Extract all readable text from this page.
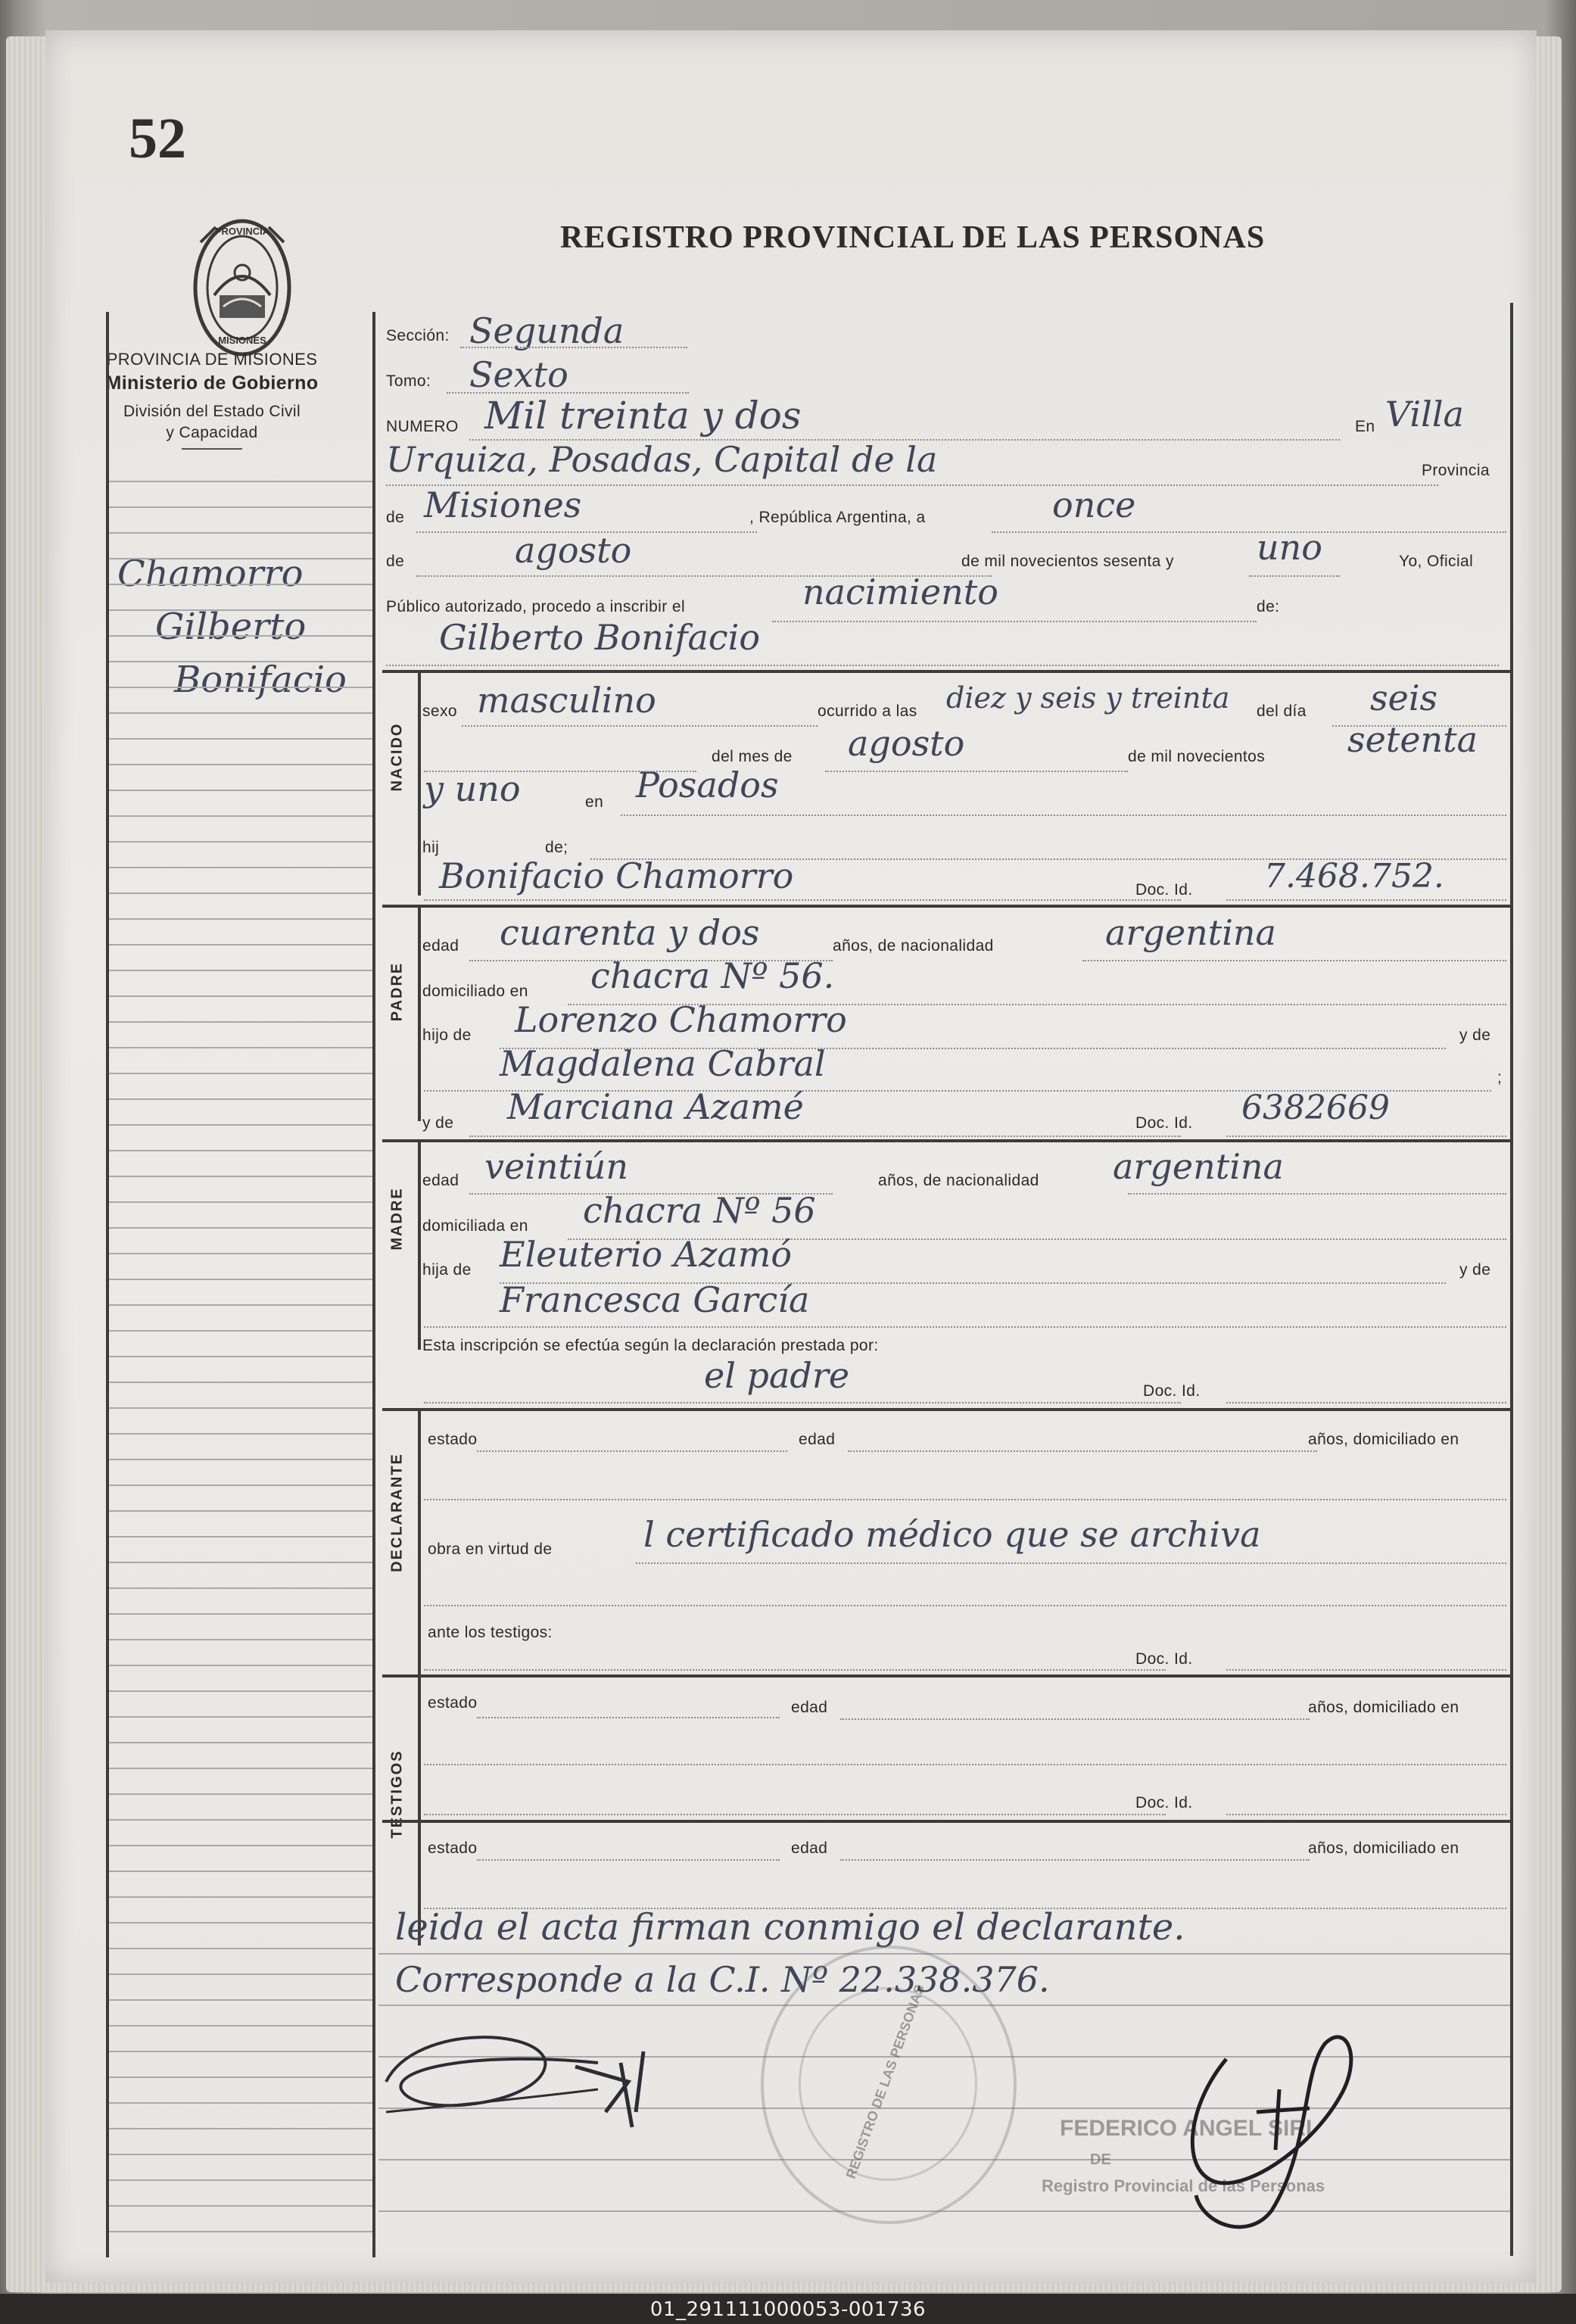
52
PROVINCIA
MISIONES
REGISTRO PROVINCIAL DE LAS PERSONAS
PROVINCIA DE MISIONES
Ministerio de Gobierno
División del Estado Civil
y Capacidad
Chamorro
Gilberto
Bonifacio
Sección: Segunda
Tomo: Sexto
NUMERO Mil treinta y dos	En Villa
Urquiza, Posadas, Capital de la	Provincia
de Misiones	, República Argentina, a	once
de	agosto	de mil novecientos sesenta y uno	Yo, Oficial
Público autorizado, procedo a inscribir el	nacimiento	de:
Gilberto Bonifacio
NACIDO
sexo masculino	ocurrido a las diez y seis y treinta del día seis
del mes de agosto	de mil novecientos setenta
y uno	en Posados
hij	de;
Bonifacio Chamorro	Doc. Id. 7.468.752.
PADRE
edad cuarenta y dos	años, de nacionalidad	argentina
domiciliado en chacra Nº 56.
hijo de Lorenzo Chamorro	y de
Magdalena Cabral	;
y de Marciana Azamé	Doc. Id. 6382669
MADRE
edad veintiún	años, de nacionalidad argentina
domiciliada en chacra Nº 56
hija de Eleuterio Azamó	y de
Francesca García
Esta inscripción se efectúa según la declaración prestada por:
el padre	Doc. Id.
DECLARANTE
estado	edad	años, domiciliado en
obra en virtud de	l certificado médico que se archiva
ante los testigos:
Doc. Id.
TESTIGOS
estado	edad	años, domiciliado en
Doc. Id.
estado	edad	años, domiciliado en
leida el acta firman conmigo el declarante.
Corresponde a la C.I. Nº 22.338.376.
REGISTRO DE LAS PERSONAS	FEDERICO ANGEL SIRI
DE
Registro Provincial de las Personas
01_291111000053-001736
